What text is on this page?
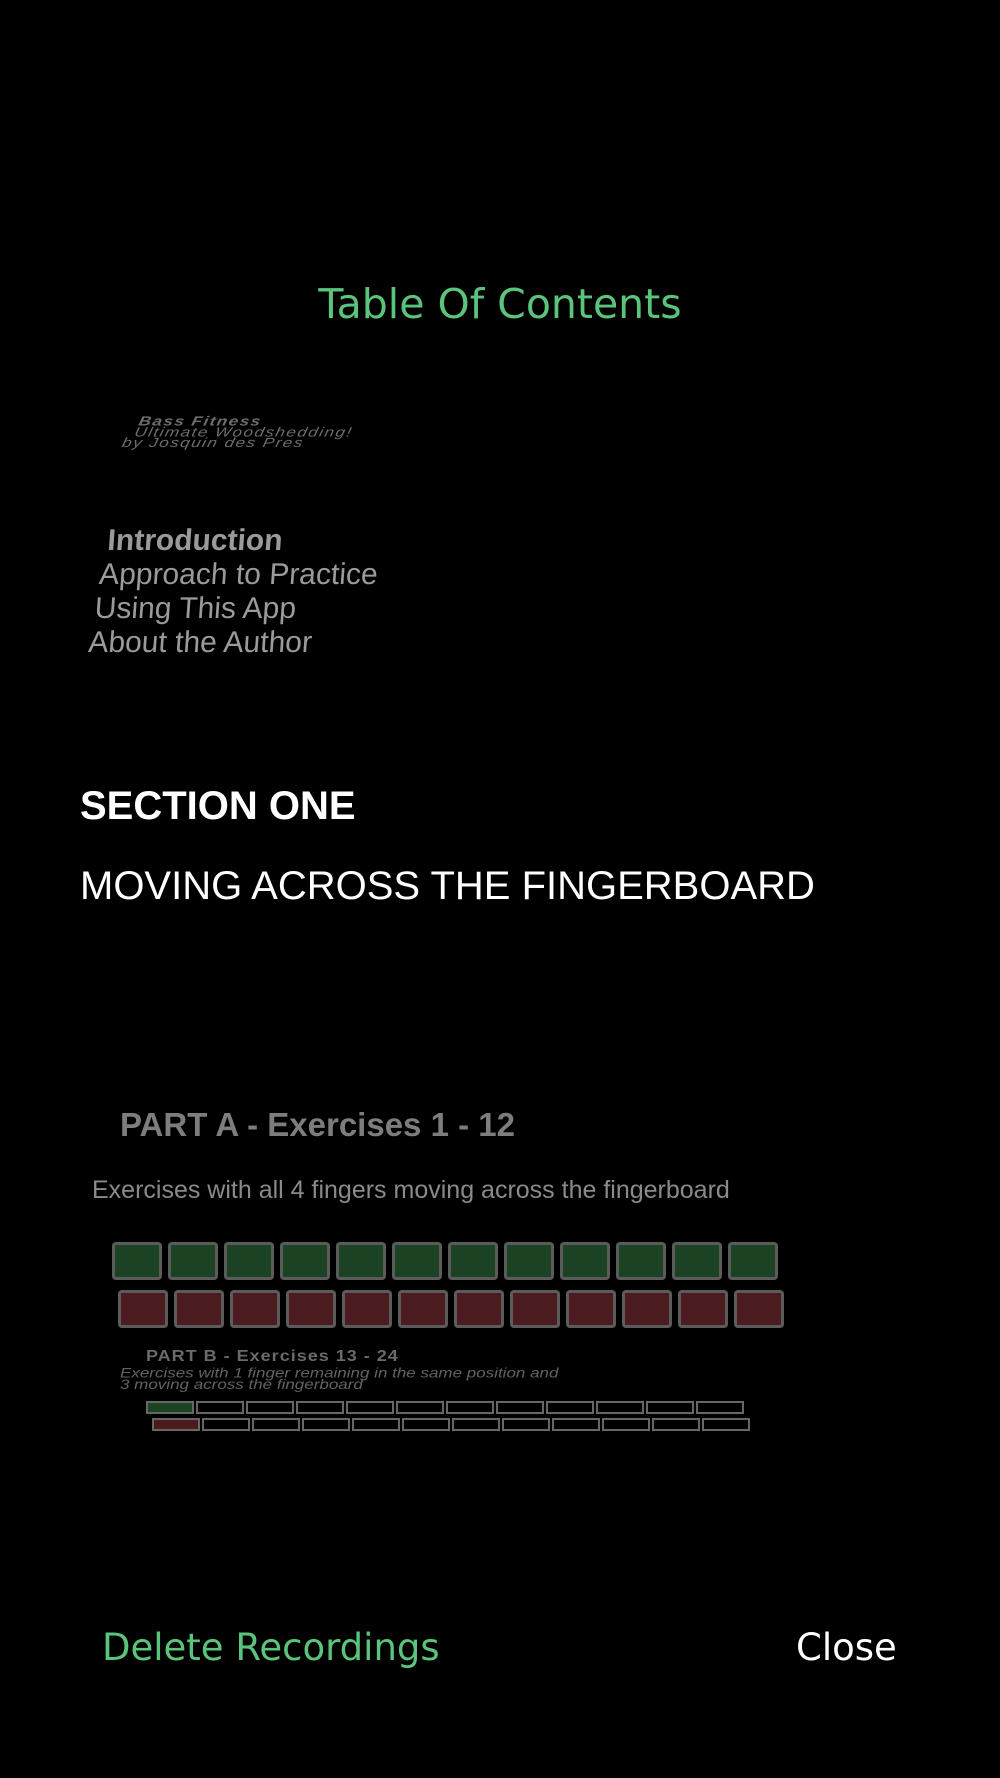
Table Of Contents
Bass Fitness
Ultimate Woodshedding!
by Josquin des Pres
Introduction
Approach to Practice
Using This App
About the Author
SECTION ONE
MOVING ACROSS THE FINGERBOARD
PART A - Exercises 1 - 12
Exercises with all 4 fingers moving across the fingerboard
PART B - Exercises 13 - 24
Exercises with 1 finger remaining in the same position and
3 moving across the fingerboard
Delete Recordings	Close
